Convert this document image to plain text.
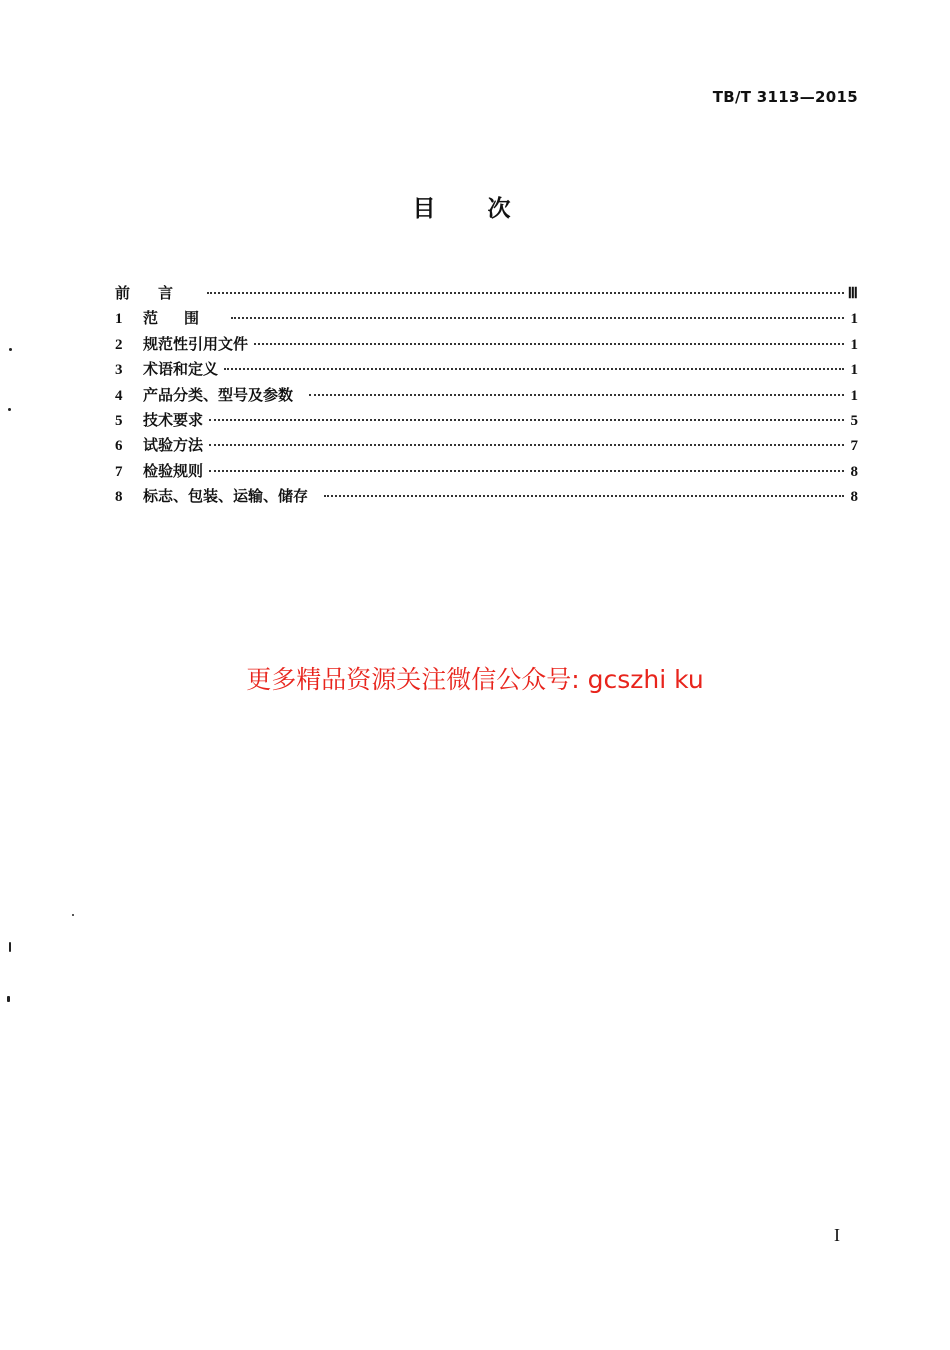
TB/T 3113—2015
目次
前言	Ⅲ
1	范围	1
2	规范性引用文件	1
3	术语和定义	1
4	产品分类、型号及参数	1
5	技术要求	5
6	试验方法	7
7	检验规则	8
8	标志、包装、运输、储存	8
更多精品资源关注微信公众号: gcszhi ku
I
